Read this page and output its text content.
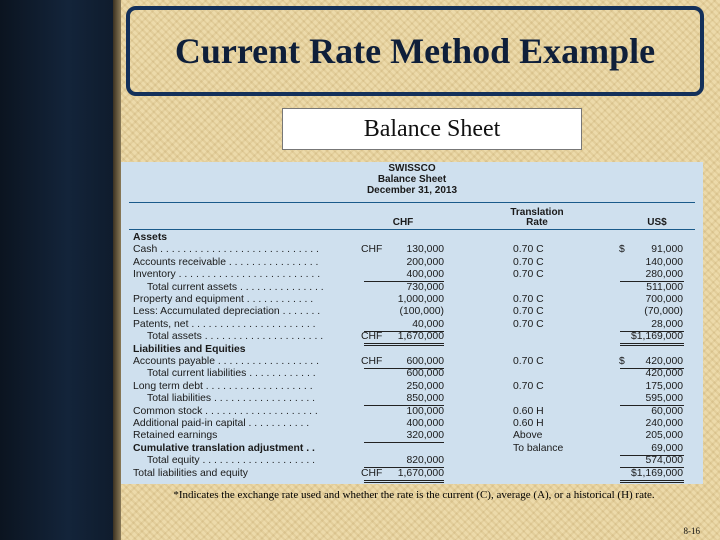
Current Rate Method Example
Balance Sheet
SWISSCO
Balance Sheet
December 31, 2013
Translation
Rate
CHF	US$
Assets
Cash . . . . . . . . . . . . . . . . . . . . . . . . . . . .	CHF 130,000	0.70 C	$	91,000
Accounts receivable . . . . . . . . . . . . . . . .	200,000	0.70 C	140,000
Inventory . . . . . . . . . . . . . . . . . . . . . . . . .	400,000	0.70 C	280,000
Total current assets . . . . . . . . . . . . . . .	730,000	511,000
Property and equipment . . . . . . . . . . . .	1,000,000	0.70 C	700,000
Less: Accumulated depreciation . . . . . . .	(100,000)	0.70 C	(70,000)
Patents, net . . . . . . . . . . . . . . . . . . . . . .	40,000	0.70 C	28,000
Total assets . . . . . . . . . . . . . . . . . . . . .	CHF 1,670,000	$1,169,000
Liabilities and Equities
Accounts payable . . . . . . . . . . . . . . . . . .	CHF 600,000	0.70 C	$ 420,000
Total current liabilities . . . . . . . . . . . .	600,000	420,000
Long term debt . . . . . . . . . . . . . . . . . . .	250,000	0.70 C	175,000
Total liabilities . . . . . . . . . . . . . . . . . .	850,000	595,000
Common stock . . . . . . . . . . . . . . . . . . . .	100,000	0.60 H	60,000
Additional paid-in capital . . . . . . . . . . .	400,000	0.60 H	240,000
Retained earnings	320,000	Above	205,000
Cumulative translation adjustment . .	To balance	69,000
Total equity . . . . . . . . . . . . . . . . . . . .	820,000	574,000
Total liabilities and equity	CHF 1,670,000	$1,169,000
*Indicates the exchange rate used and whether the rate is the current (C), average (A), or a historical (H) rate.
8-16
